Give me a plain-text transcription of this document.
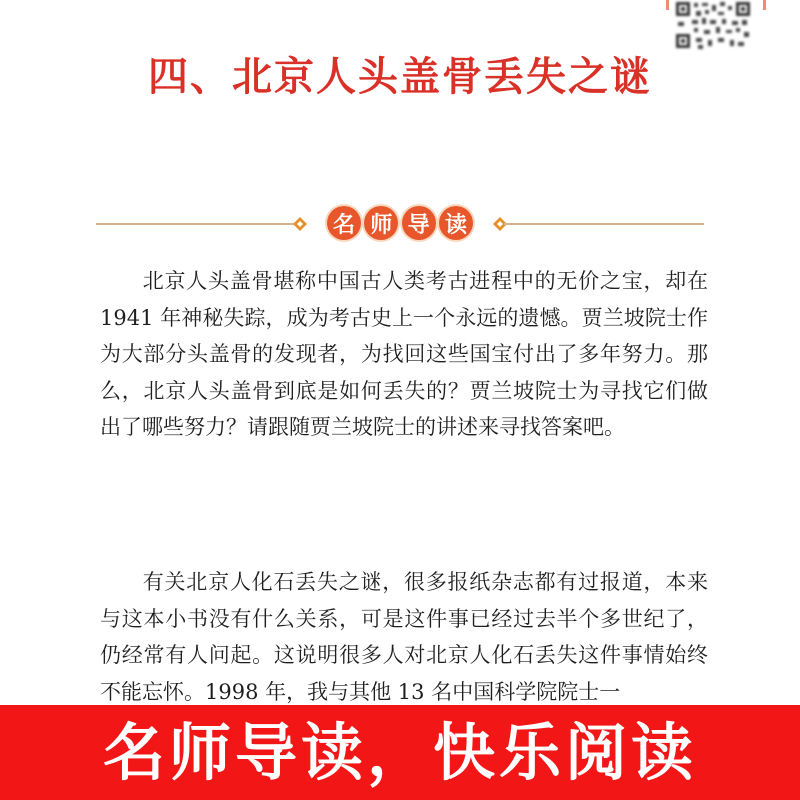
四、北京人头盖骨丢失之谜
名 师 导 读

北京人头盖骨堪称中国古人类考古进程中的无价之宝，却在 1941 年神秘失踪，成为考古史上一个永远的遗憾。贾兰坡院士作为大部分头盖骨的发现者，为找回这些国宝付出了多年努力。那么，北京人头盖骨到底是如何丢失的？贾兰坡院士为寻找它们做出了哪些努力？请跟随贾兰坡院士的讲述来寻找答案吧。

有关北京人化石丢失之谜，很多报纸杂志都有过报道，本来与这本小书没有什么关系，可是这件事已经过去半个多世纪了，仍经常有人问起。这说明很多人对北京人化石丢失这件事情始终不能忘怀。1998 年，我与其他 13 名中国科学院院士一

名师导读，快乐阅读
